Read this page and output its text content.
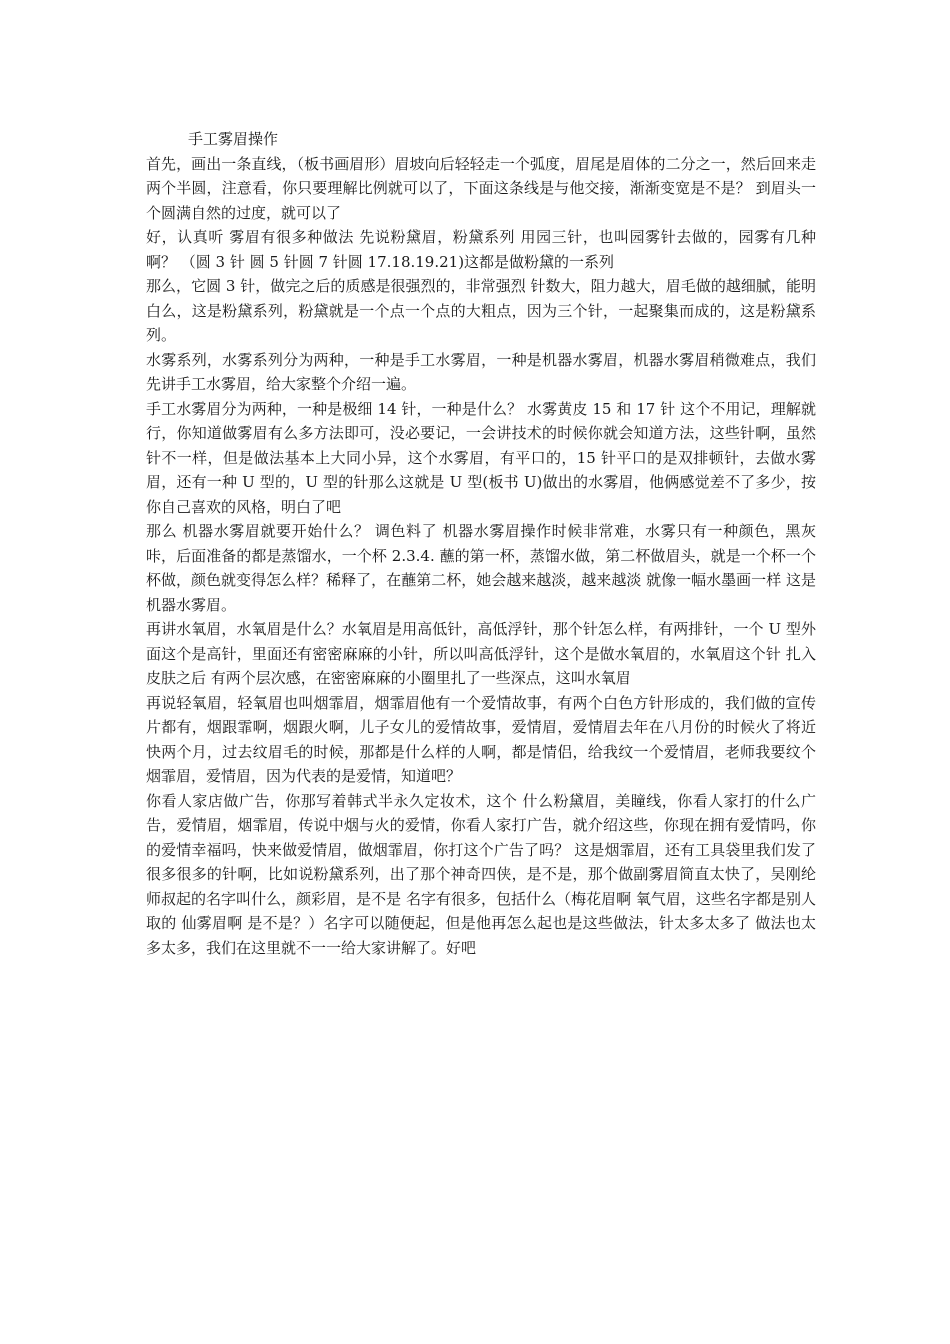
手工雾眉操作

首先，画出一条直线，（板书画眉形）眉坡向后轻轻走一个弧度，眉尾是眉体的二分之一，然后回来走两个半圆，注意看，你只要理解比例就可以了，下面这条线是与他交接，渐渐变宽是不是？ 到眉头一个圆满自然的过度，就可以了

好，认真听 雾眉有很多种做法 先说粉黛眉，粉黛系列 用园三针，也叫园雾针去做的，园雾有几种啊？ （圆 3 针 圆 5 针圆 7 针圆 17.18.19.21)这都是做粉黛的一系列

那么，它圆 3 针，做完之后的质感是很强烈的，非常强烈 针数大，阻力越大，眉毛做的越细腻，能明白么，这是粉黛系列，粉黛就是一个点一个点的大粗点，因为三个针，一起聚集而成的，这是粉黛系列。

水雾系列，水雾系列分为两种，一种是手工水雾眉，一种是机器水雾眉，机器水雾眉稍微难点，我们先讲手工水雾眉，给大家整个介绍一遍。

手工水雾眉分为两种，一种是极细 14 针，一种是什么？ 水雾黄皮 15 和 17 针 这个不用记，理解就行，你知道做雾眉有么多方法即可，没必要记，一会讲技术的时候你就会知道方法，这些针啊，虽然针不一样，但是做法基本上大同小异，这个水雾眉，有平口的，15 针平口的是双排顿针，去做水雾眉，还有一种 U 型的，U 型的针那么这就是 U 型(板书 U)做出的水雾眉，他俩感觉差不了多少，按你自己喜欢的风格，明白了吧

那么 机器水雾眉就要开始什么？ 调色料了 机器水雾眉操作时候非常难，水雾只有一种颜色，黑灰咔，后面准备的都是蒸馏水，一个杯 2.3.4. 蘸的第一杯，蒸馏水做，第二杯做眉头，就是一个杯一个杯做，颜色就变得怎么样？稀释了，在蘸第二杯，她会越来越淡，越来越淡 就像一幅水墨画一样 这是机器水雾眉。

再讲水氧眉，水氧眉是什么？水氧眉是用高低针，高低浮针，那个针怎么样，有两排针，一个 U 型外面这个是高针，里面还有密密麻麻的小针，所以叫高低浮针，这个是做水氧眉的，水氧眉这个针 扎入皮肤之后 有两个层次感，在密密麻麻的小圈里扎了一些深点，这叫水氧眉

再说轻氧眉，轻氧眉也叫烟霏眉，烟霏眉他有一个爱情故事，有两个白色方针形成的，我们做的宣传片都有，烟跟霏啊，烟跟火啊，儿子女儿的爱情故事，爱情眉，爱情眉去年在八月份的时候火了将近快两个月，过去纹眉毛的时候，那都是什么样的人啊，都是情侣，给我纹一个爱情眉，老师我要纹个烟霏眉，爱情眉，因为代表的是爱情，知道吧？

你看人家店做广告，你那写着韩式半永久定妆术，这个 什么粉黛眉，美瞳线，你看人家打的什么广告，爱情眉，烟霏眉，传说中烟与火的爱情，你看人家打广告，就介绍这些，你现在拥有爱情吗，你的爱情幸福吗，快来做爱情眉，做烟霏眉，你打这个广告了吗？ 这是烟霏眉，还有工具袋里我们发了很多很多的针啊，比如说粉黛系列，出了那个神奇四侠，是不是，那个做副雾眉简直太快了，吴刚纶师叔起的名字叫什么，颜彩眉，是不是 名字有很多，包括什么（梅花眉啊 氧气眉，这些名字都是别人取的 仙雾眉啊 是不是？）名字可以随便起，但是他再怎么起也是这些做法，针太多太多了 做法也太多太多，我们在这里就不一一给大家讲解了。好吧
